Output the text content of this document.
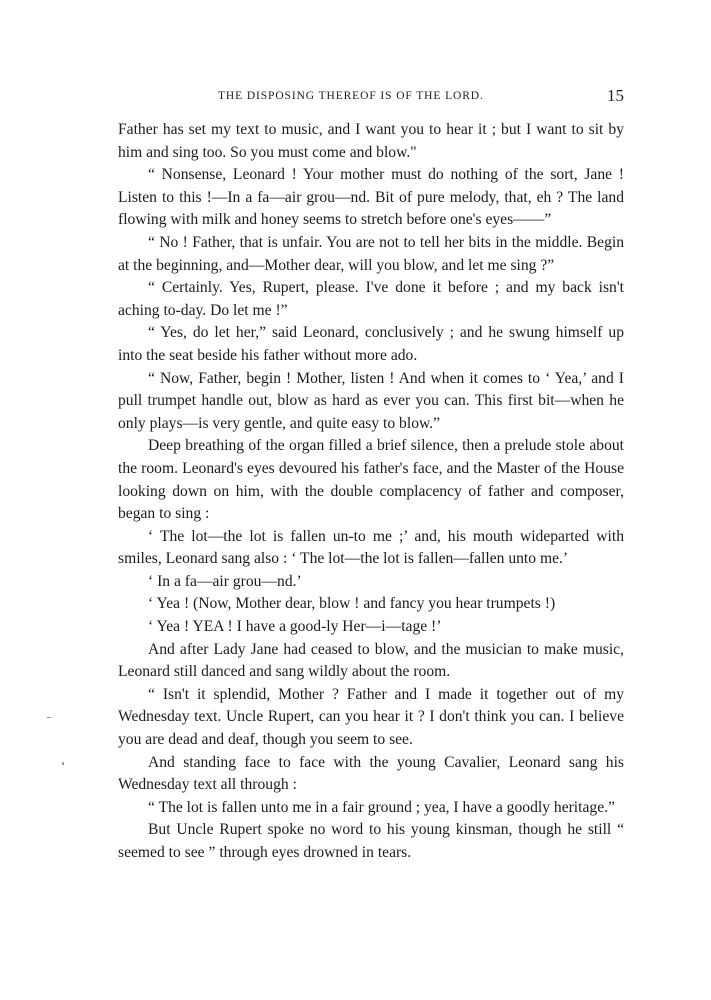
THE DISPOSING THEREOF IS OF THE LORD.	15

Father has set my text to music, and I want you to hear it ; but I want to sit by him and sing too. So you must come and blow."

“ Nonsense, Leonard ! Your mother must do nothing of the sort, Jane ! Listen to this !—In a fa—air grou—nd. Bit of pure melody, that, eh ? The land flowing with milk and honey seems to stretch before one's eyes——”

“ No ! Father, that is unfair. You are not to tell her bits in the middle. Begin at the beginning, and—Mother dear, will you blow, and let me sing ?”

“ Certainly. Yes, Rupert, please. I've done it before ; and my back isn't aching to-day. Do let me !”

“ Yes, do let her,” said Leonard, conclusively ; and he swung himself up into the seat beside his father without more ado.

“ Now, Father, begin ! Mother, listen ! And when it comes to ‘ Yea,’ and I pull trumpet handle out, blow as hard as ever you can. This first bit—when he only plays—is very gentle, and quite easy to blow.”

Deep breathing of the organ filled a brief silence, then a prelude stole about the room. Leonard's eyes devoured his father's face, and the Master of the House looking down on him, with the double complacency of father and composer, began to sing :

‘ The lot—the lot is fallen un-to me ;’ and, his mouth wideparted with smiles, Leonard sang also : ‘ The lot—the lot is fallen—fallen unto me.’

‘ In a fa—air grou—nd.’

‘ Yea ! (Now, Mother dear, blow ! and fancy you hear trumpets !)

‘ Yea ! YEA ! I have a good-ly Her—i—tage !’

And after Lady Jane had ceased to blow, and the musician to make music, Leonard still danced and sang wildly about the room.

“ Isn't it splendid, Mother ? Father and I made it together out of my Wednesday text. Uncle Rupert, can you hear it ? I don't think you can. I believe you are dead and deaf, though you seem to see.

And standing face to face with the young Cavalier, Leonard sang his Wednesday text all through :

“ The lot is fallen unto me in a fair ground ; yea, I have a goodly heritage.”

But Uncle Rupert spoke no word to his young kinsman, though he still “ seemed to see ” through eyes drowned in tears.
